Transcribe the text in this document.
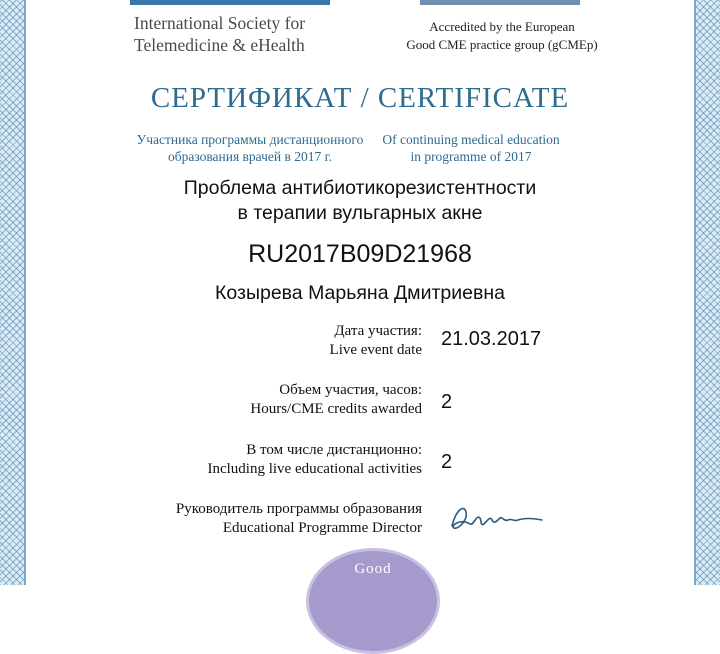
International Society for
Telemedicine & eHealth
Accredited by the European
Good CME practice group (gCMEp)
СЕРТИФИКАТ / CERTIFICATE
Участника программы дистанционного
образования врачей в 2017 г.
Of continuing medical education
in programme of 2017
Проблема антибиотикорезистентности
в терапии вульгарных акне
RU2017B09D21968
Козырева Марьяна Дмитриевна
Дата участия:
Live event date 21.03.2017
Объем участия, часов:
Hours/CME credits awarded 2
В том числе дистанционно:
Including live educational activities 2
Руководитель программы образования
Educational Programme Director
Good
